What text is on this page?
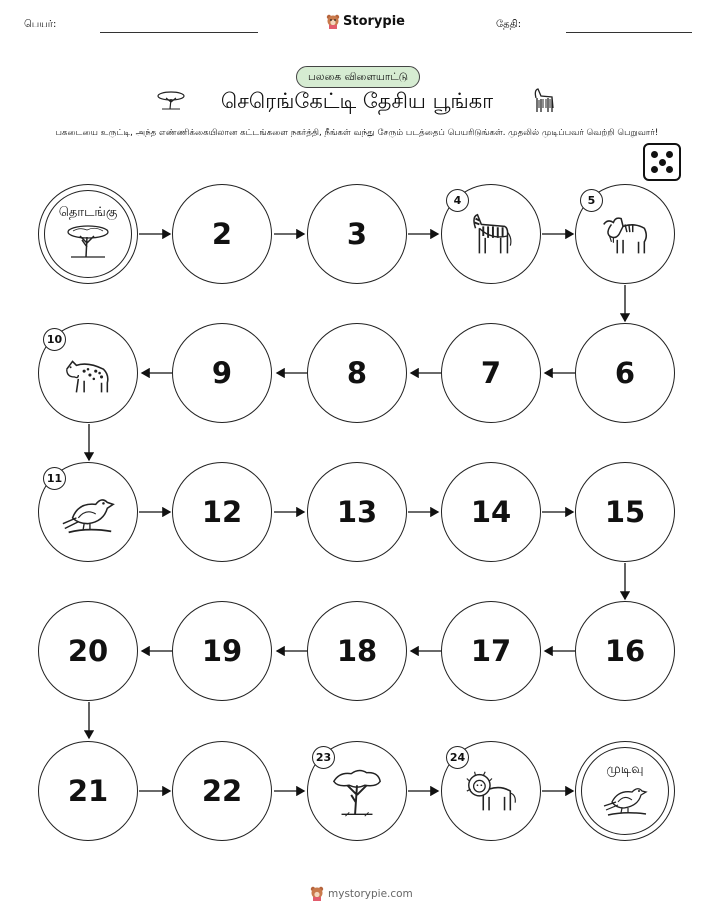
பெயர்:	Storypie	தேதி:
பலகை விளையாட்டு
செரெங்கேட்டி தேசிய பூங்கா
பகடையை உருட்டி, அந்த எண்ணிக்கையிலான கட்டங்களை நகர்த்தி, நீங்கள் வந்து சேரும் படத்தைப் பெயரிடுங்கள். முதலில் முடிப்பவர் வெற்றி பெறுவார்!
தொடங்கு
2	3
4	5
6
7
8
9
10
11
12	13	14	15
16
17
18
19
20
21	22
23	24
முடிவு
mystorypie.com
